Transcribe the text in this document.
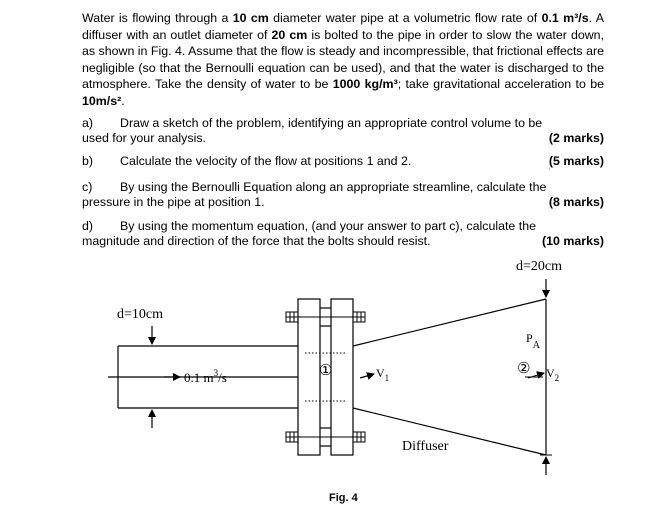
Water is flowing through a 10 cm diameter water pipe at a volumetric flow rate of 0.1 m³/s. A diffuser with an outlet diameter of 20 cm is bolted to the pipe in order to slow the water down, as shown in Fig. 4. Assume that the flow is steady and incompressible, that frictional effects are negligible (so that the Bernoulli equation can be used), and that the water is discharged to the atmosphere. Take the density of water to be 1000 kg/m³; take gravitational acceleration to be 10m/s².
a) Draw a sketch of the problem, identifying an appropriate control volume to be
used for your analysis.	(2 marks)
b) Calculate the velocity of the flow at positions 1 and 2.	(5 marks)
c) By using the Bernoulli Equation along an appropriate streamline, calculate the
pressure in the pipe at position 1.	(8 marks)
d) By using the momentum equation, (and your answer to part c), calculate the
magnitude and direction of the force that the bolts should resist.	(10 marks)
d=20cm
d=10cm
0.1 $m^3/s$	①	$V_1$
$P_A$
② $V_2$
Diffuser
Fig. 4
